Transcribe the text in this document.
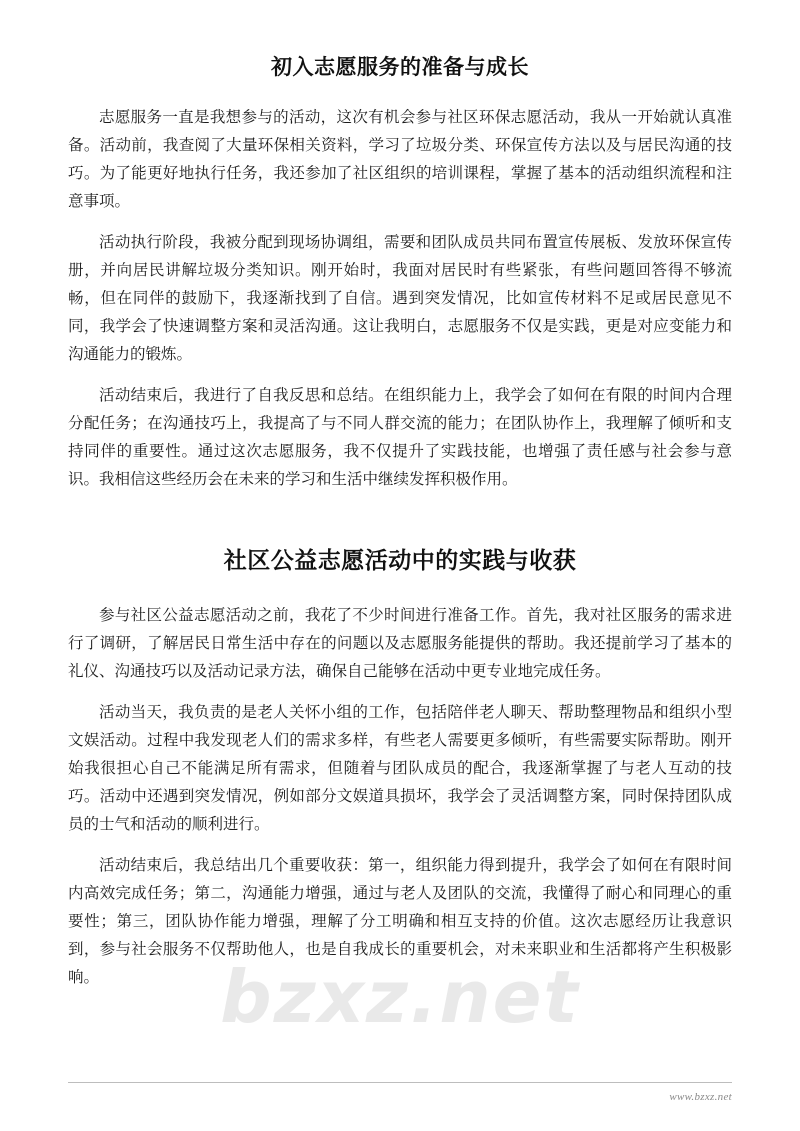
bzxz.net
初入志愿服务的准备与成长

志愿服务一直是我想参与的活动，这次有机会参与社区环保志愿活动，我从一开始就认真准备。活动前，我查阅了大量环保相关资料，学习了垃圾分类、环保宣传方法以及与居民沟通的技巧。为了能更好地执行任务，我还参加了社区组织的培训课程，掌握了基本的活动组织流程和注意事项。

活动执行阶段，我被分配到现场协调组，需要和团队成员共同布置宣传展板、发放环保宣传册，并向居民讲解垃圾分类知识。刚开始时，我面对居民时有些紧张，有些问题回答得不够流畅，但在同伴的鼓励下，我逐渐找到了自信。遇到突发情况，比如宣传材料不足或居民意见不同，我学会了快速调整方案和灵活沟通。这让我明白，志愿服务不仅是实践，更是对应变能力和沟通能力的锻炼。

活动结束后，我进行了自我反思和总结。在组织能力上，我学会了如何在有限的时间内合理分配任务；在沟通技巧上，我提高了与不同人群交流的能力；在团队协作上，我理解了倾听和支持同伴的重要性。通过这次志愿服务，我不仅提升了实践技能，也增强了责任感与社会参与意识。我相信这些经历会在未来的学习和生活中继续发挥积极作用。

社区公益志愿活动中的实践与收获

参与社区公益志愿活动之前，我花了不少时间进行准备工作。首先，我对社区服务的需求进行了调研，了解居民日常生活中存在的问题以及志愿服务能提供的帮助。我还提前学习了基本的礼仪、沟通技巧以及活动记录方法，确保自己能够在活动中更专业地完成任务。

活动当天，我负责的是老人关怀小组的工作，包括陪伴老人聊天、帮助整理物品和组织小型文娱活动。过程中我发现老人们的需求多样，有些老人需要更多倾听，有些需要实际帮助。刚开始我很担心自己不能满足所有需求，但随着与团队成员的配合，我逐渐掌握了与老人互动的技巧。活动中还遇到突发情况，例如部分文娱道具损坏，我学会了灵活调整方案，同时保持团队成员的士气和活动的顺利进行。

活动结束后，我总结出几个重要收获：第一，组织能力得到提升，我学会了如何在有限时间内高效完成任务；第二，沟通能力增强，通过与老人及团队的交流，我懂得了耐心和同理心的重要性；第三，团队协作能力增强，理解了分工明确和相互支持的价值。这次志愿经历让我意识到，参与社会服务不仅帮助他人，也是自我成长的重要机会，对未来职业和生活都将产生积极影响。

www.bzxz.net
